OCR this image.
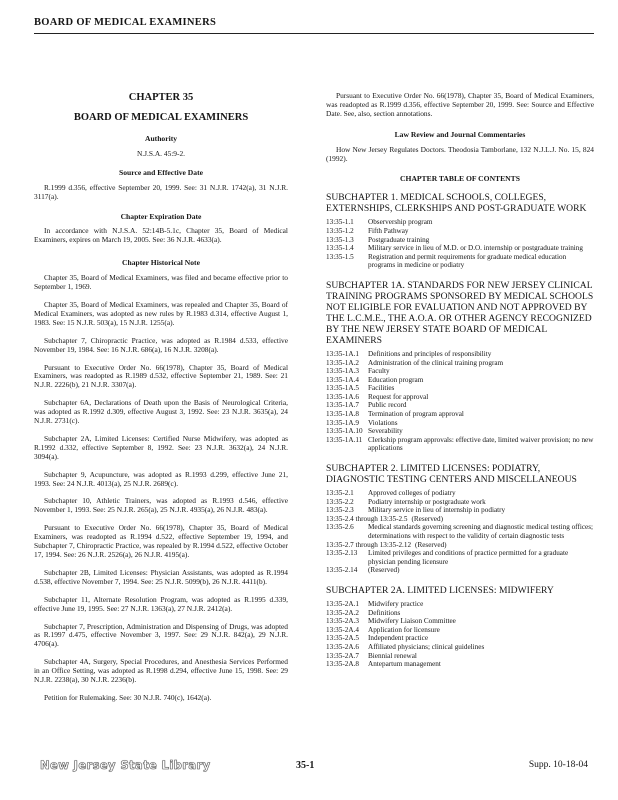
BOARD OF MEDICAL EXAMINERS
CHAPTER 35
BOARD OF MEDICAL EXAMINERS
Authority
N.J.S.A. 45:9-2.
Source and Effective Date
R.1999 d.356, effective September 20, 1999. See: 31 N.J.R. 1742(a), 31 N.J.R. 3117(a).
Chapter Expiration Date
In accordance with N.J.S.A. 52:14B-5.1c, Chapter 35, Board of Medical Examiners, expires on March 19, 2005. See: 36 N.J.R. 4633(a).
Chapter Historical Note
Chapter 35, Board of Medical Examiners, was filed and became effective prior to September 1, 1969.
Chapter 35, Board of Medical Examiners, was repealed and Chapter 35, Board of Medical Examiners, was adopted as new rules by R.1983 d.314, effective August 1, 1983. See: 15 N.J.R. 503(a), 15 N.J.R. 1255(a).
Subchapter 7, Chiropractic Practice, was adopted as R.1984 d.533, effective November 19, 1984. See: 16 N.J.R. 686(a), 16 N.J.R. 3208(a).
Pursuant to Executive Order No. 66(1978), Chapter 35, Board of Medical Examiners, was readopted as R.1989 d.532, effective September 21, 1989. See: 21 N.J.R. 2226(b), 21 N.J.R. 3307(a).
Subchapter 6A, Declarations of Death upon the Basis of Neurological Criteria, was adopted as R.1992 d.309, effective August 3, 1992. See: 23 N.J.R. 3635(a), 24 N.J.R. 2731(c).
Subchapter 2A, Limited Licenses: Certified Nurse Midwifery, was adopted as R.1992 d.332, effective September 8, 1992. See: 23 N.J.R. 3632(a), 24 N.J.R. 3094(a).
Subchapter 9, Acupuncture, was adopted as R.1993 d.299, effective June 21, 1993. See: 24 N.J.R. 4013(a), 25 N.J.R. 2689(c).
Subchapter 10, Athletic Trainers, was adopted as R.1993 d.546, effective November 1, 1993. See: 25 N.J.R. 265(a), 25 N.J.R. 4935(a), 26 N.J.R. 483(a).
Pursuant to Executive Order No. 66(1978), Chapter 35, Board of Medical Examiners, was readopted as R.1994 d.522, effective September 19, 1994, and Subchapter 7, Chiropractic Practice, was repealed by R.1994 d.522, effective October 17, 1994. See: 26 N.J.R. 2526(a), 26 N.J.R. 4195(a).
Subchapter 2B, Limited Licenses: Physician Assistants, was adopted as R.1994 d.538, effective November 7, 1994. See: 25 N.J.R. 5099(b), 26 N.J.R. 4411(b).
Subchapter 11, Alternate Resolution Program, was adopted as R.1995 d.339, effective June 19, 1995. See: 27 N.J.R. 1363(a), 27 N.J.R. 2412(a).
Subchapter 7, Prescription, Administration and Dispensing of Drugs, was adopted as R.1997 d.475, effective November 3, 1997. See: 29 N.J.R. 842(a), 29 N.J.R. 4706(a).
Subchapter 4A, Surgery, Special Procedures, and Anesthesia Services Performed in an Office Setting, was adopted as R.1998 d.294, effective June 15, 1998. See: 29 N.J.R. 2238(a), 30 N.J.R. 2236(b).
Petition for Rulemaking. See: 30 N.J.R. 740(c), 1642(a).
Pursuant to Executive Order No. 66(1978), Chapter 35, Board of Medical Examiners, was readopted as R.1999 d.356, effective September 20, 1999. See: Source and Effective Date. See, also, section annotations.
Law Review and Journal Commentaries
How New Jersey Regulates Doctors. Theodosia Tamborlane, 132 N.J.L.J. No. 15, 824 (1992).
CHAPTER TABLE OF CONTENTS
SUBCHAPTER 1. MEDICAL SCHOOLS, COLLEGES, EXTERNSHIPS, CLERKSHIPS AND POST-GRADUATE WORK
13:35-1.1	Observership program
13:35-1.2	Fifth Pathway
13:35-1.3	Postgraduate training
13:35-1.4	Military service in lieu of M.D. or D.O. internship or postgraduate training
13:35-1.5	Registration and permit requirements for graduate medical education programs in medicine or podiatry
SUBCHAPTER 1A. STANDARDS FOR NEW JERSEY CLINICAL TRAINING PROGRAMS SPONSORED BY MEDICAL SCHOOLS NOT ELIGIBLE FOR EVALUATION AND NOT APPROVED BY THE L.C.M.E., THE A.O.A. OR OTHER AGENCY RECOGNIZED BY THE NEW JERSEY STATE BOARD OF MEDICAL EXAMINERS
13:35-1A.1	Definitions and principles of responsibility
13:35-1A.2	Administration of the clinical training program
13:35-1A.3	Faculty
13:35-1A.4	Education program
13:35-1A.5	Facilities
13:35-1A.6	Request for approval
13:35-1A.7	Public record
13:35-1A.8	Termination of program approval
13:35-1A.9	Violations
13:35-1A.10 Severability
13:35-1A.11 Clerkship program approvals: effective date, limited waiver provision; no new applications
SUBCHAPTER 2. LIMITED LICENSES: PODIATRY, DIAGNOSTIC TESTING CENTERS AND MISCELLANEOUS
13:35-2.1	Approved colleges of podiatry
13:35-2.2	Podiatry internship or postgraduate work
13:35-2.3	Military service in lieu of internship in podiatry
13:35-2.4 through 13:35-2.5 (Reserved)
13:35-2.6	Medical standards governing screening and diagnostic medical testing offices; determinations with respect to the validity of certain diagnostic tests
13:35-2.7 through 13:35-2.12 (Reserved)
13:35-2.13	Limited privileges and conditions of practice permitted for a graduate physician pending licensure
13:35-2.14	(Reserved)
SUBCHAPTER 2A. LIMITED LICENSES: MIDWIFERY
13:35-2A.1	Midwifery practice
13:35-2A.2	Definitions
13:35-2A.3	Midwifery Liaison Committee
13:35-2A.4	Application for licensure
13:35-2A.5	Independent practice
13:35-2A.6	Affiliated physicians; clinical guidelines
13:35-2A.7	Biennial renewal
13:35-2A.8	Antepartum management
New Jersey State Library	35-1	Supp. 10-18-04
